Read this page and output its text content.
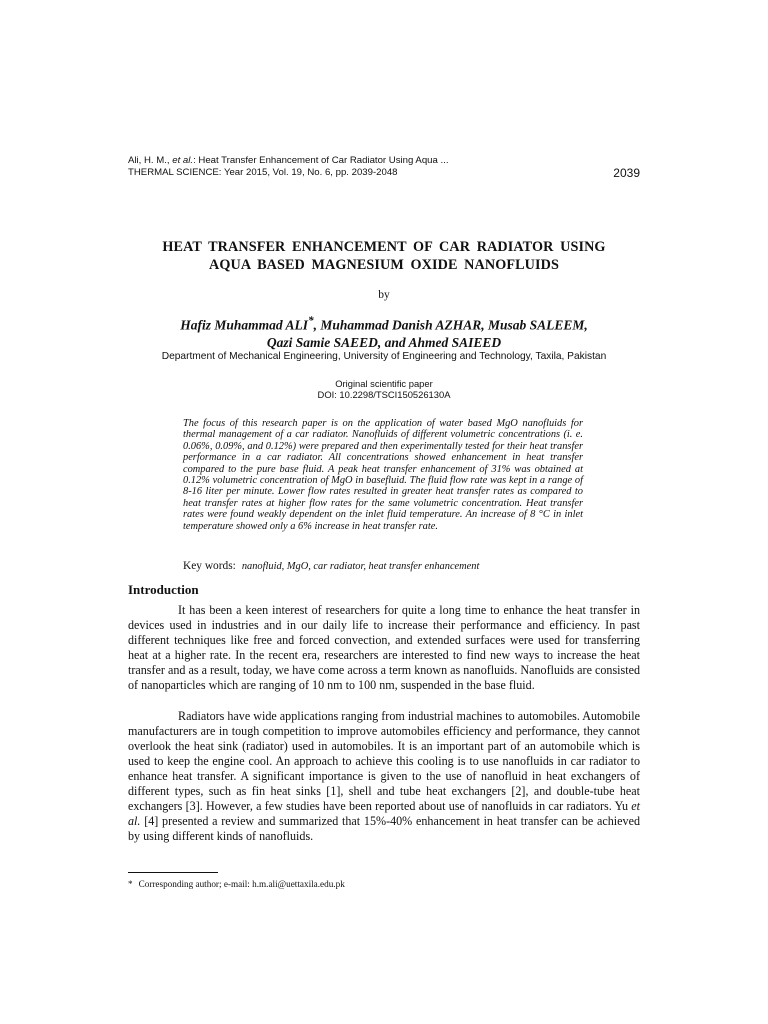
Ali, H. M., et al.: Heat Transfer Enhancement of Car Radiator Using Aqua ...
THERMAL SCIENCE: Year 2015, Vol. 19, No. 6, pp. 2039-2048	2039
HEAT TRANSFER ENHANCEMENT OF CAR RADIATOR USING
AQUA BASED MAGNESIUM OXIDE NANOFLUIDS
by
Hafiz Muhammad ALI*, Muhammad Danish AZHAR, Musab SALEEM,
Qazi Samie SAEED, and Ahmed SAIEED
Department of Mechanical Engineering, University of Engineering and Technology, Taxila, Pakistan
Original scientific paper
DOI: 10.2298/TSCI150526130A

The focus of this research paper is on the application of water based MgO nanofluids for thermal management of a car radiator. Nanofluids of different volumetric concentrations (i. e. 0.06%, 0.09%, and 0.12%) were prepared and then experimentally tested for their heat transfer performance in a car radiator. All concentrations showed enhancement in heat transfer compared to the pure base fluid. A peak heat transfer enhancement of 31% was obtained at 0.12% volumetric concentration of MgO in basefluid. The fluid flow rate was kept in a range of 8-16 liter per minute. Lower flow rates resulted in greater heat transfer rates as compared to heat transfer rates at higher flow rates for the same volumetric concentration. Heat transfer rates were found weakly dependent on the inlet fluid temperature. An increase of 8 °C in inlet temperature showed only a 6% increase in heat transfer rate.

Key words: nanofluid, MgO, car radiator, heat transfer enhancement
Introduction

It has been a keen interest of researchers for quite a long time to enhance the heat transfer in devices used in industries and in our daily life to increase their performance and efficiency. In past different techniques like free and forced convection, and extended surfaces were used for transferring heat at a higher rate. In the recent era, researchers are interested to find new ways to increase the heat transfer and as a result, today, we have come across a term known as nanofluids. Nanofluids are consisted of nanoparticles which are ranging of 10 nm to 100 nm, suspended in the base fluid.

Radiators have wide applications ranging from industrial machines to automobiles. Automobile manufacturers are in tough competition to improve automobiles efficiency and performance, they cannot overlook the heat sink (radiator) used in automobiles. It is an important part of an automobile which is used to keep the engine cool. An approach to achieve this cooling is to use nanofluids in car radiator to enhance heat transfer. A significant importance is given to the use of nanofluid in heat exchangers of different types, such as fin heat sinks [1], shell and tube heat exchangers [2], and double-tube heat exchangers [3]. However, a few studies have been reported about use of nanofluids in car radiators. Yu et al. [4] presented a review and summarized that 15%-40% enhancement in heat transfer can be achieved by using different kinds of nanofluids.

* Corresponding author; e-mail: h.m.ali@uettaxila.edu.pk
